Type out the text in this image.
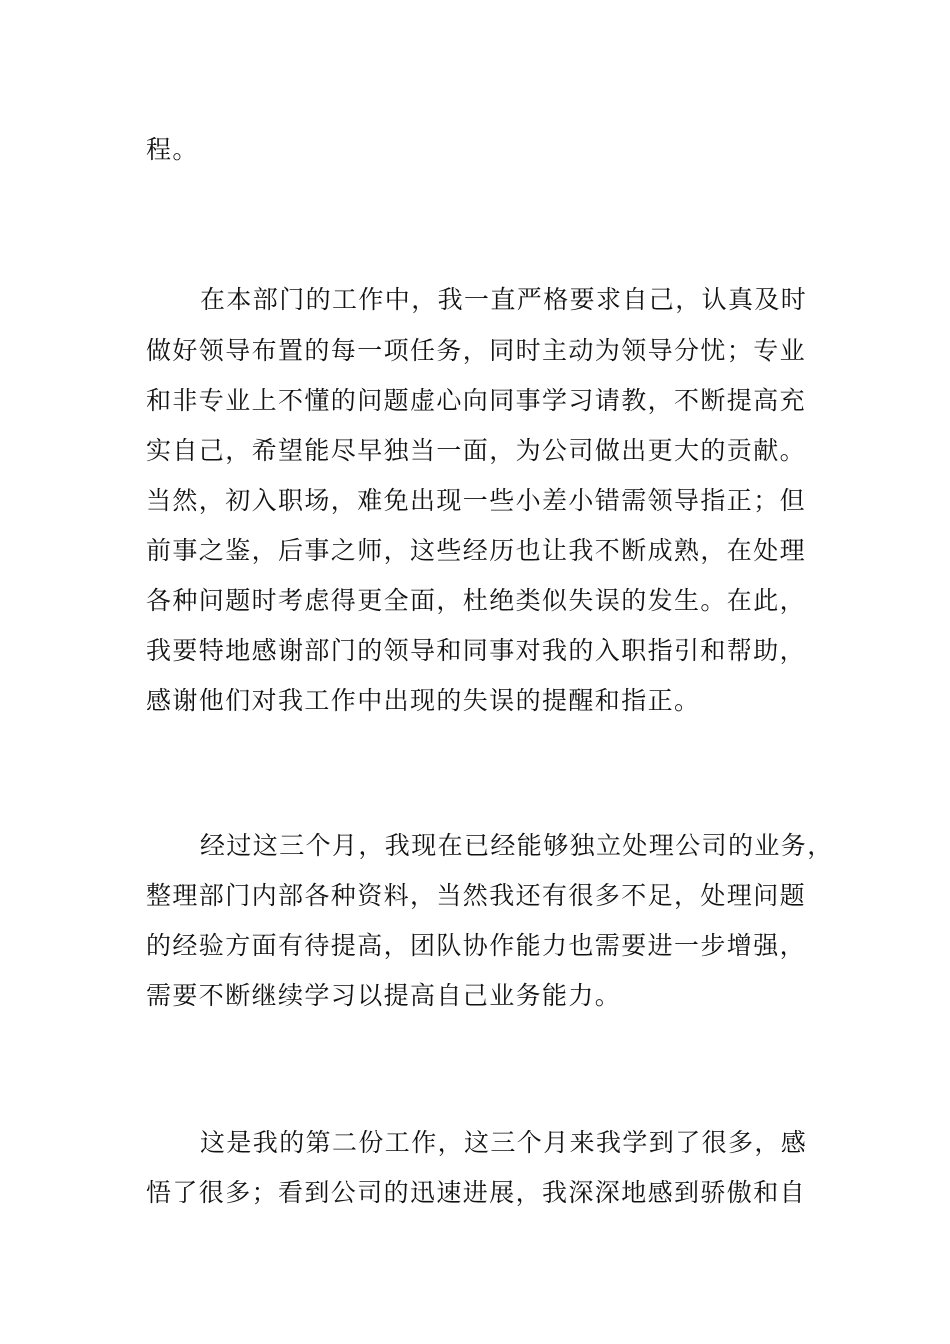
程。
在本部门的工作中，我一直严格要求自己，认真及时
做好领导布置的每一项任务，同时主动为领导分忧；专业
和非专业上不懂的问题虚心向同事学习请教，不断提高充
实自己，希望能尽早独当一面，为公司做出更大的贡献。
当然，初入职场，难免出现一些小差小错需领导指正；但
前事之鉴，后事之师，这些经历也让我不断成熟，在处理
各种问题时考虑得更全面，杜绝类似失误的发生。在此，
我要特地感谢部门的领导和同事对我的入职指引和帮助，
感谢他们对我工作中出现的失误的提醒和指正。
经过这三个月，我现在已经能够独立处理公司的业务，
整理部门内部各种资料，当然我还有很多不足，处理问题
的经验方面有待提高，团队协作能力也需要进一步增强，
需要不断继续学习以提高自己业务能力。
这是我的第二份工作，这三个月来我学到了很多，感
悟了很多；看到公司的迅速进展，我深深地感到骄傲和自
